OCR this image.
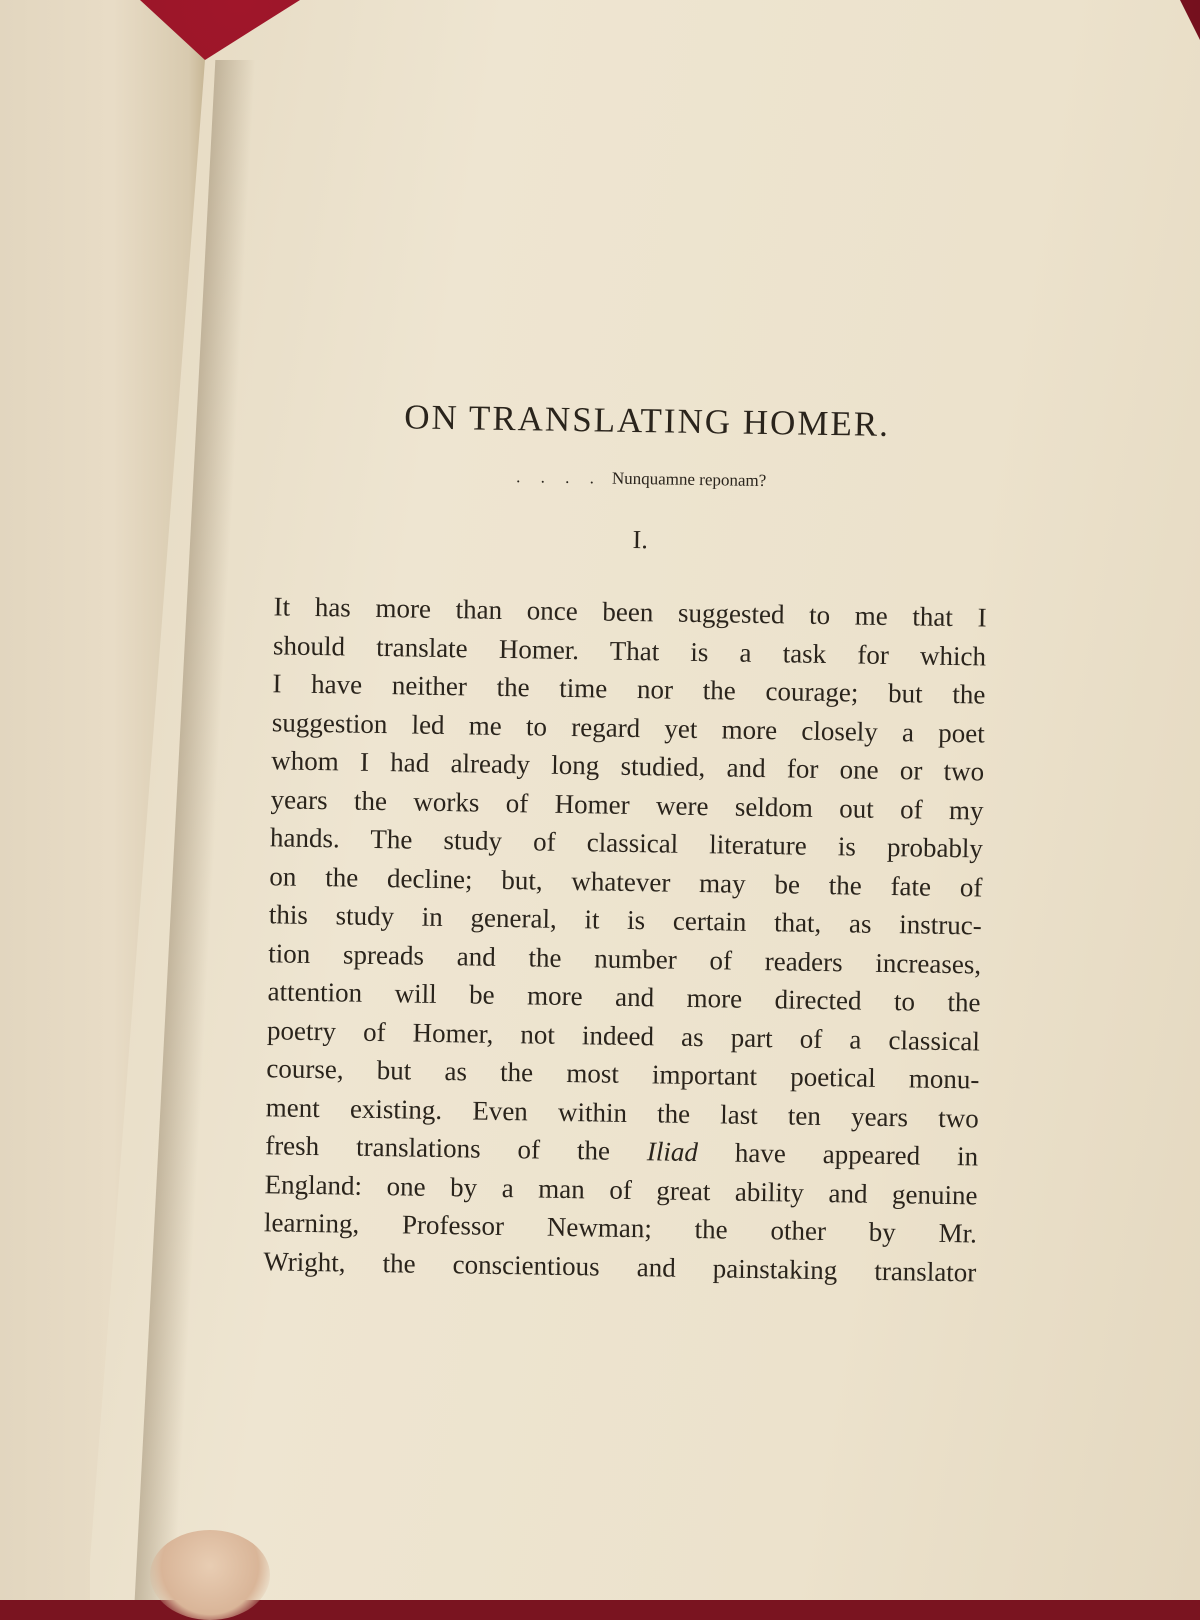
ON TRANSLATING HOMER.
. . . . Nunquamne reponam?
I.
It has more than once been suggested to me that I
should translate Homer. That is a task for which
I have neither the time nor the courage; but the
suggestion led me to regard yet more closely a poet
whom I had already long studied, and for one or two
years the works of Homer were seldom out of my
hands. The study of classical literature is probably
on the decline; but, whatever may be the fate of
this study in general, it is certain that, as instruc-
tion spreads and the number of readers increases,
attention will be more and more directed to the
poetry of Homer, not indeed as part of a classical
course, but as the most important poetical monu-
ment existing. Even within the last ten years two
fresh translations of the Iliad have appeared in
England: one by a man of great ability and genuine
learning, Professor Newman; the other by Mr.
Wright, the conscientious and painstaking translator
